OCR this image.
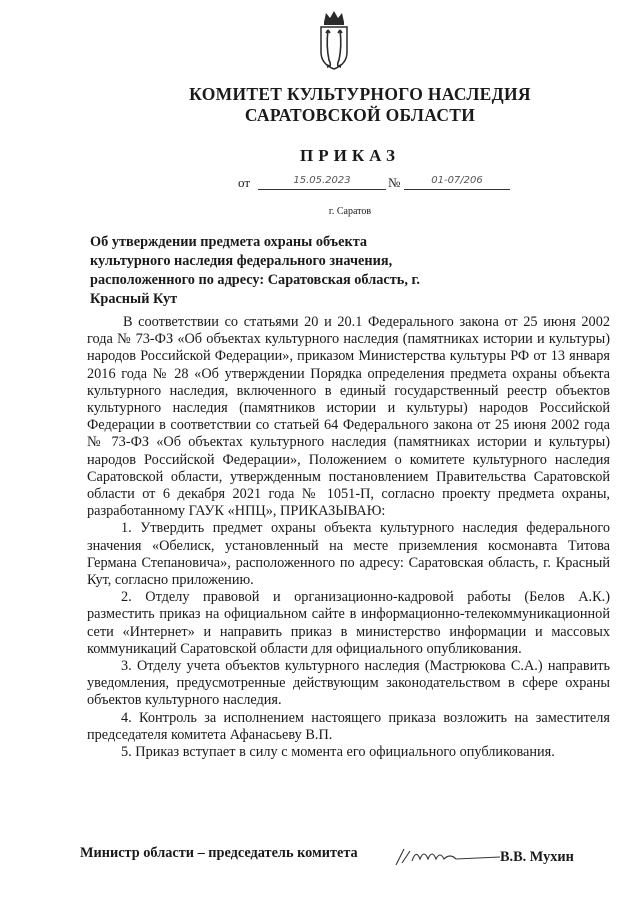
КОМИТЕТ КУЛЬТУРНОГО НАСЛЕДИЯ
САРАТОВСКОЙ ОБЛАСТИ
ПРИКАЗ
от	15.05.2023	№	01-07/206
г. Саратов
Об утверждении предмета охраны объекта культурного наследия федерального значения, расположенного по адресу: Саратовская область, г. Красный Кут

В соответствии со статьями 20 и 20.1 Федерального закона от 25 июня 2002 года № 73-ФЗ «Об объектах культурного наследия (памятниках истории и культуры) народов Российской Федерации», приказом Министерства культуры РФ от 13 января 2016 года № 28 «Об утверждении Порядка определения предмета охраны объекта культурного наследия, включенного в единый государственный реестр объектов культурного наследия (памятников истории и культуры) народов Российской Федерации в соответствии со статьей 64 Федерального закона от 25 июня 2002 года № 73-ФЗ «Об объектах культурного наследия (памятниках истории и культуры) народов Российской Федерации», Положением о комитете культурного наследия Саратовской области, утвержденным постановлением Правительства Саратовской области от 6 декабря 2021 года № 1051-П, согласно проекту предмета охраны, разработанному ГАУК «НПЦ», ПРИКАЗЫВАЮ:

1. Утвердить предмет охраны объекта культурного наследия федерального значения «Обелиск, установленный на месте приземления космонавта Титова Германа Степановича», расположенного по адресу: Саратовская область, г. Красный Кут, согласно приложению.

2. Отделу правовой и организационно-кадровой работы (Белов А.К.) разместить приказ на официальном сайте в информационно-телекоммуникационной сети «Интернет» и направить приказ в министерство информации и массовых коммуникаций Саратовской области для официального опубликования.

3. Отделу учета объектов культурного наследия (Мастрюкова С.А.) направить уведомления, предусмотренные действующим законодательством в сфере охраны объектов культурного наследия.

4. Контроль за исполнением настоящего приказа возложить на заместителя председателя комитета Афанасьеву В.П.

5. Приказ вступает в силу с момента его официального опубликования.

Министр области – председатель комитета	В.В. Мухин
